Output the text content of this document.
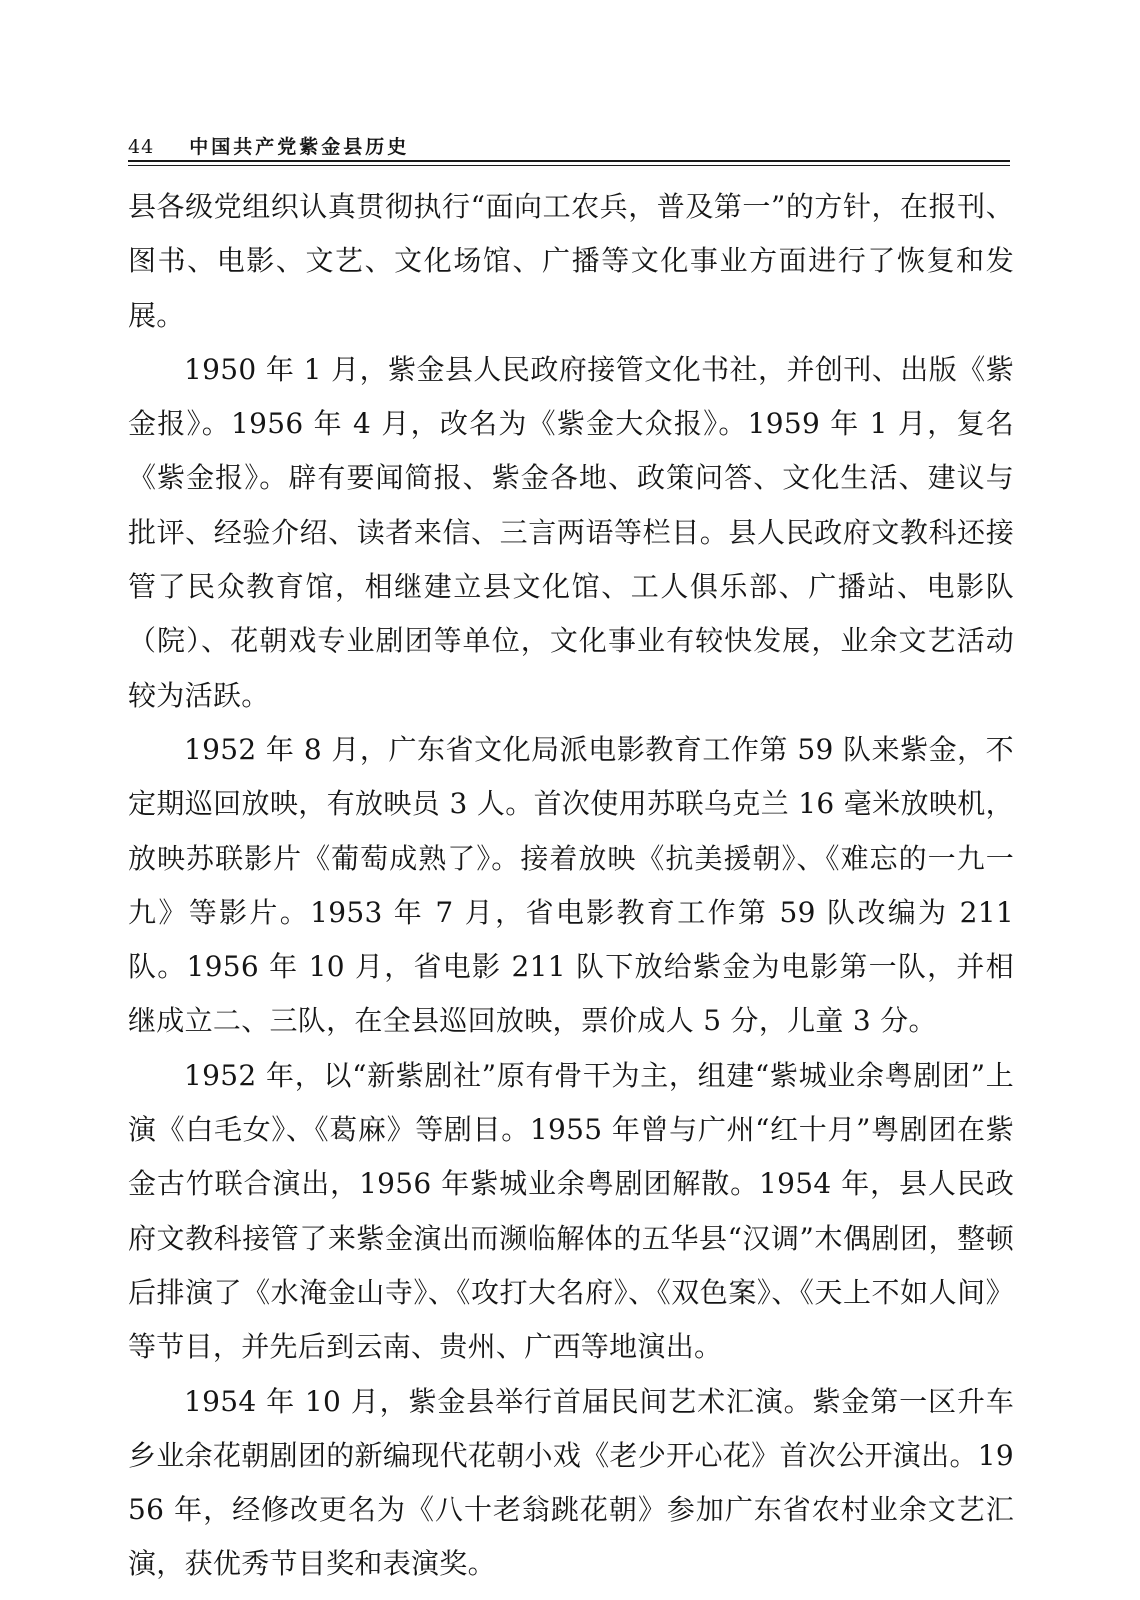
44 中国共产党紫金县历史

县各级党组织认真贯彻执行“面向工农兵，普及第一”的方针，在报刊、图书、电影、文艺、文化场馆、广播等文化事业方面进行了恢复和发展。

1950 年 1 月，紫金县人民政府接管文化书社，并创刊、出版《紫金报》。1956 年 4 月，改名为《紫金大众报》。1959 年 1 月，复名《紫金报》。辟有要闻简报、紫金各地、政策问答、文化生活、建议与批评、经验介绍、读者来信、三言两语等栏目。县人民政府文教科还接管了民众教育馆，相继建立县文化馆、工人俱乐部、广播站、电影队（院）、花朝戏专业剧团等单位，文化事业有较快发展，业余文艺活动较为活跃。

1952 年 8 月，广东省文化局派电影教育工作第 59 队来紫金，不定期巡回放映，有放映员 3 人。首次使用苏联乌克兰 16 毫米放映机，放映苏联影片《葡萄成熟了》。接着放映《抗美援朝》、《难忘的一九一九》等影片。1953 年 7 月，省电影教育工作第 59 队改编为 211 队。1956 年 10 月，省电影 211 队下放给紫金为电影第一队，并相继成立二、三队，在全县巡回放映，票价成人 5 分，儿童 3 分。

1952 年，以“新紫剧社”原有骨干为主，组建“紫城业余粤剧团”上演《白毛女》、《葛麻》等剧目。1955 年曾与广州“红十月”粤剧团在紫金古竹联合演出，1956 年紫城业余粤剧团解散。1954 年，县人民政府文教科接管了来紫金演出而濒临解体的五华县“汉调”木偶剧团，整顿后排演了《水淹金山寺》、《攻打大名府》、《双色案》、《天上不如人间》等节目，并先后到云南、贵州、广西等地演出。

1954 年 10 月，紫金县举行首届民间艺术汇演。紫金第一区升车乡业余花朝剧团的新编现代花朝小戏《老少开心花》首次公开演出。1956 年，经修改更名为《八十老翁跳花朝》参加广东省农村业余文艺汇演，获优秀节目奖和表演奖。
